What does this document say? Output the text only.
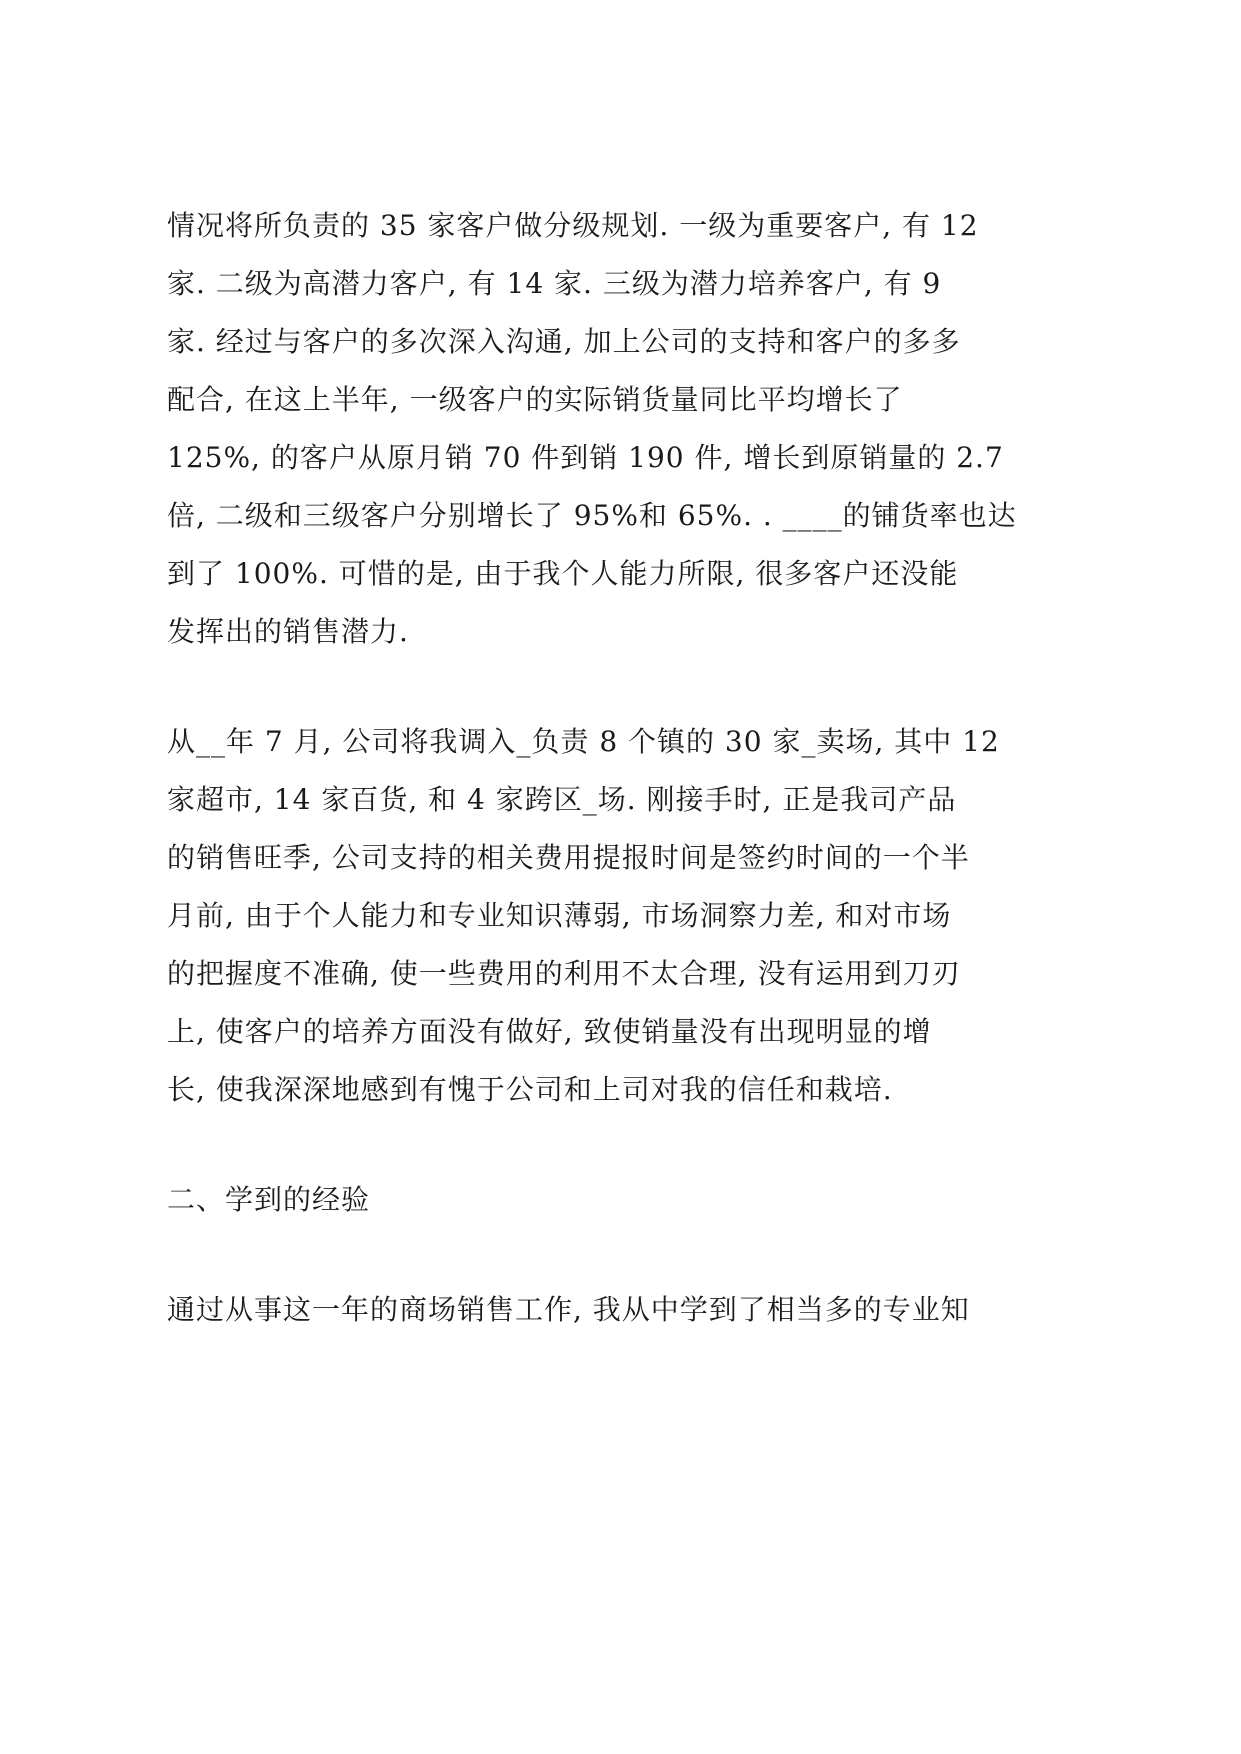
情况将所负责的 35 家客户做分级规划. 一级为重要客户, 有 12
家. 二级为高潜力客户, 有 14 家. 三级为潜力培养客户, 有 9
家. 经过与客户的多次深入沟通, 加上公司的支持和客户的多多
配合, 在这上半年, 一级客户的实际销货量同比平均增长了
125%, 的客户从原月销 70 件到销 190 件, 增长到原销量的 2.7
倍, 二级和三级客户分别增长了 95%和 65%. . ____的铺货率也达
到了 100%. 可惜的是, 由于我个人能力所限, 很多客户还没能
发挥出的销售潜力.
从__年 7 月, 公司将我调入_负责 8 个镇的 30 家_卖场, 其中 12
家超市, 14 家百货, 和 4 家跨区_场. 刚接手时, 正是我司产品
的销售旺季, 公司支持的相关费用提报时间是签约时间的一个半
月前, 由于个人能力和专业知识薄弱, 市场洞察力差, 和对市场
的把握度不准确, 使一些费用的利用不太合理, 没有运用到刀刃
上, 使客户的培养方面没有做好, 致使销量没有出现明显的增
长, 使我深深地感到有愧于公司和上司对我的信任和栽培.
二、学到的经验
通过从事这一年的商场销售工作, 我从中学到了相当多的专业知
